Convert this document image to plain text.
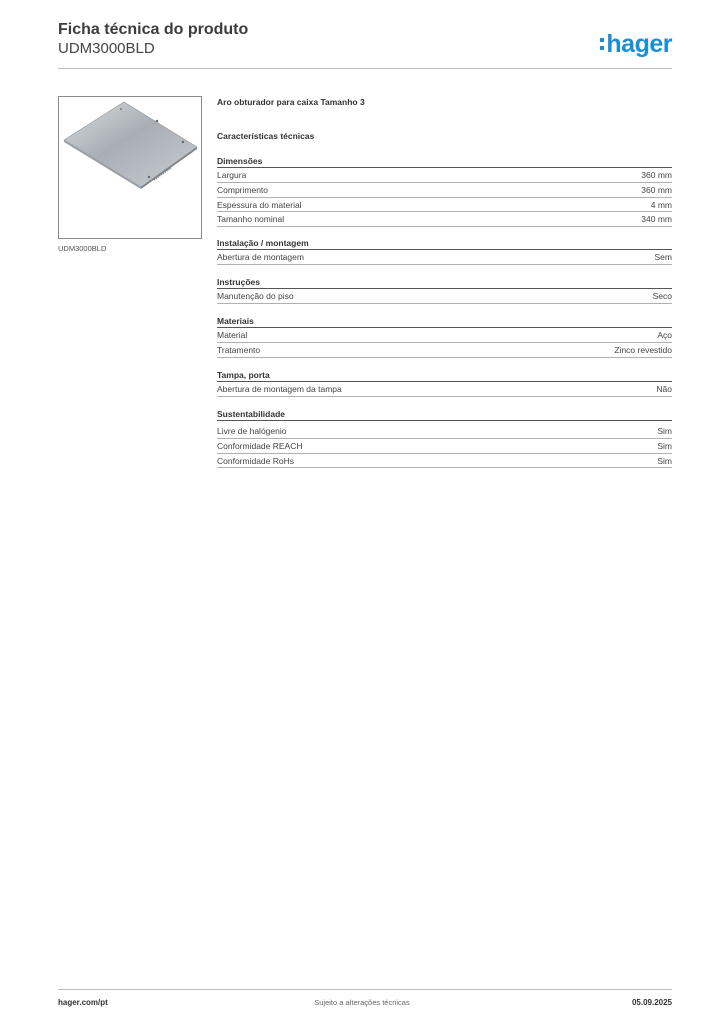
Ficha técnica do produto
UDM3000BLD	hager
UDM3000BLD
Aro obturador para caixa Tamanho 3
Características técnicas
Dimensões
Largura	360 mm
Comprimento	360 mm
Espessura do material	4 mm
Tamanho nominal	340 mm
Instalação / montagem
Abertura de montagem	Sem
Instruções
Manutenção do piso	Seco
Materiais
Material	Aço
Tratamento	Zinco revestido
Tampa, porta
Abertura de montagem da tampa	Não
Sustentabilidade
Livre de halógenio	Sim
Conformidade REACH	Sim
Conformidade RoHs	Sim
Sujeito a alterações técnicas
hager.com/pt	05.09.2025
